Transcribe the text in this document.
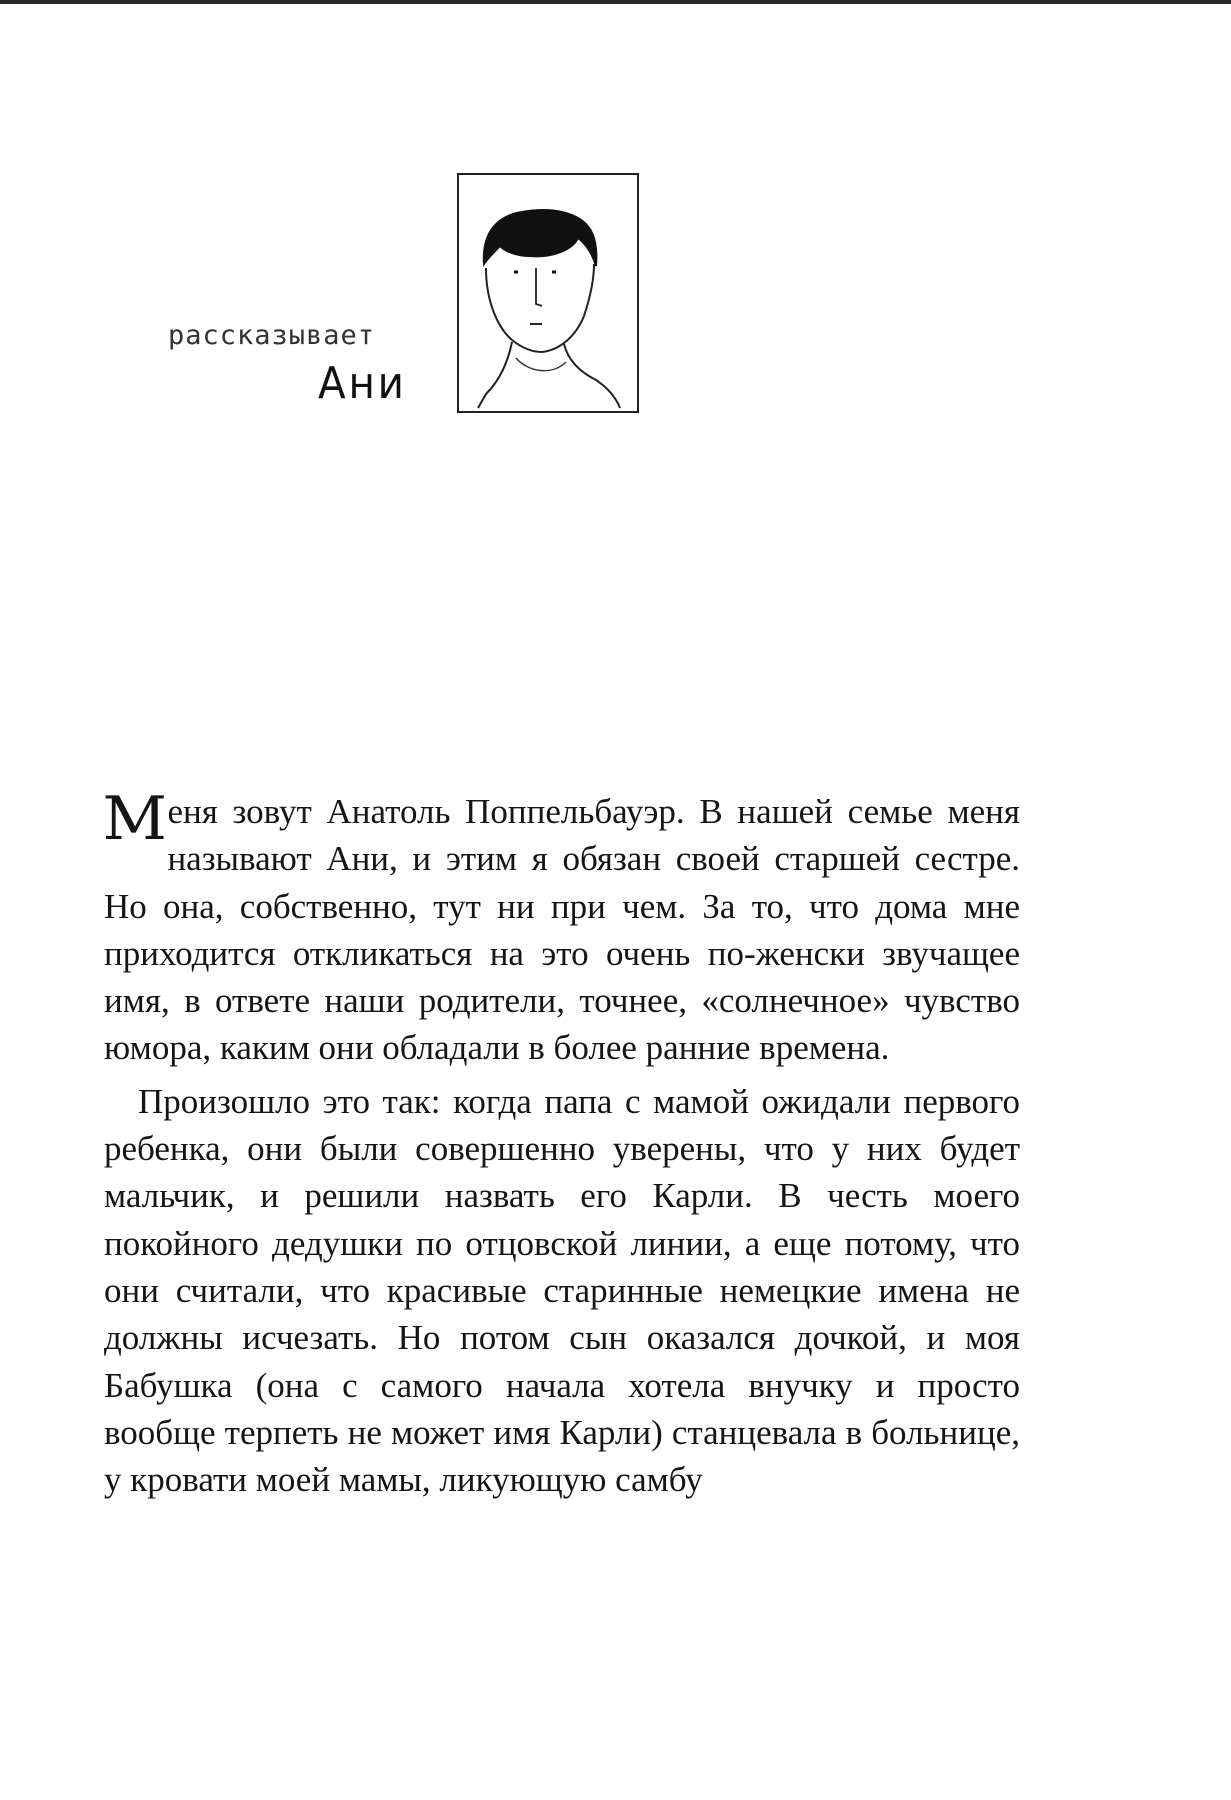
рассказывает
Ани

Меня зовут Анатоль Поппельбауэр. В нашей семье меня называют Ани, и этим я обязан своей старшей сестре. Но она, собственно, тут ни при чем. За то, что дома мне приходится откликаться на это очень по-женски звучащее имя, в ответе наши родители, точнее, «солнечное» чувство юмора, каким они обладали в более ранние времена.

Произошло это так: когда папа с мамой ожидали первого ребенка, они были совершенно уверены, что у них будет мальчик, и решили назвать его Карли. В честь моего покойного дедушки по отцовской линии, а еще потому, что они считали, что красивые старинные немецкие имена не должны исчезать. Но потом сын оказался дочкой, и моя Бабушка (она с самого начала хотела внучку и просто вообще терпеть не может имя Карли) станцевала в больнице, у кровати моей мамы, ликующую самбу
